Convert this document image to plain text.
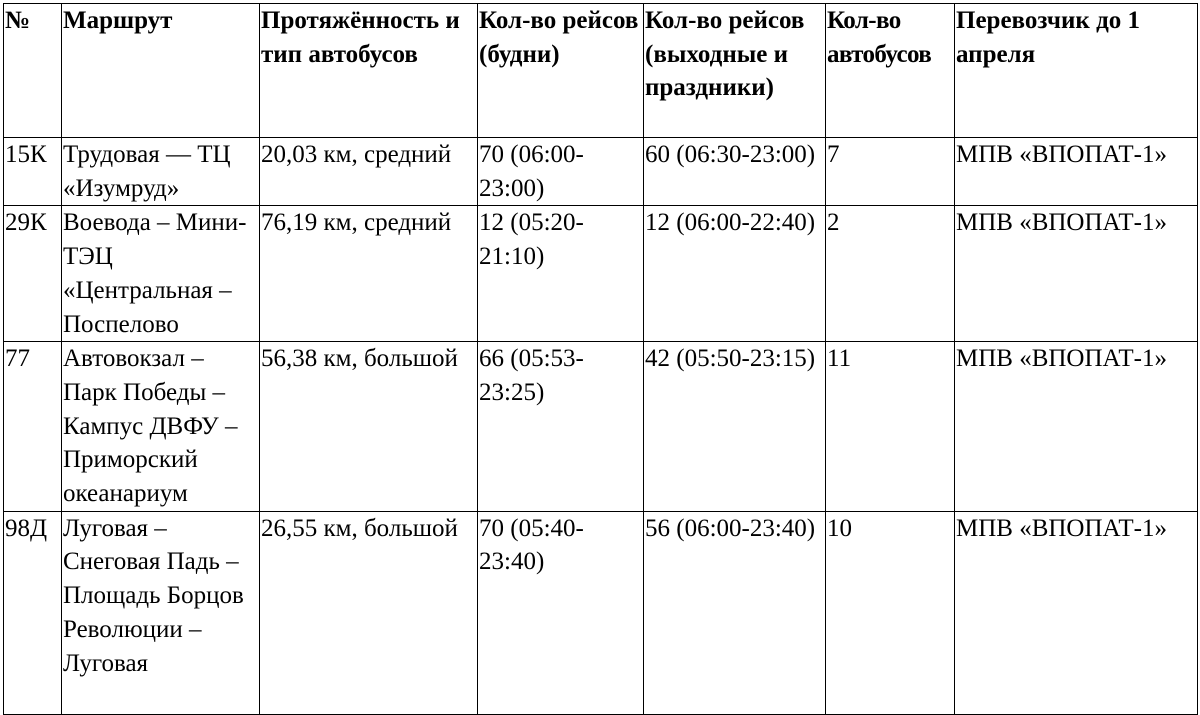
№	Маршрут	Протяжённость и тип автобусов	Кол-во рейсов (будни)	Кол-во рейсов (выходные и праздники)	Кол-во автобусов	Перевозчик до 1 апреля
15К	Трудовая — ТЦ «Изумруд»	20,03 км, средний	70 (06:00-23:00)	60 (06:30-23:00)	7	МПВ «ВПОПАТ-1»
29К	Воевода – Мини-ТЭЦ «Центральная – Поспелово	76,19 км, средний	12 (05:20-21:10)	12 (06:00-22:40)	2	МПВ «ВПОПАТ-1»
77	Автовокзал – Парк Победы – Кампус ДВФУ – Приморский океанариум	56,38 км, большой	66 (05:53-23:25)	42 (05:50-23:15)	11	МПВ «ВПОПАТ-1»
98Д	Луговая – Снеговая Падь – Площадь Борцов Революции – Луговая	26,55 км, большой	70 (05:40-23:40)	56 (06:00-23:40)	10	МПВ «ВПОПАТ-1»
